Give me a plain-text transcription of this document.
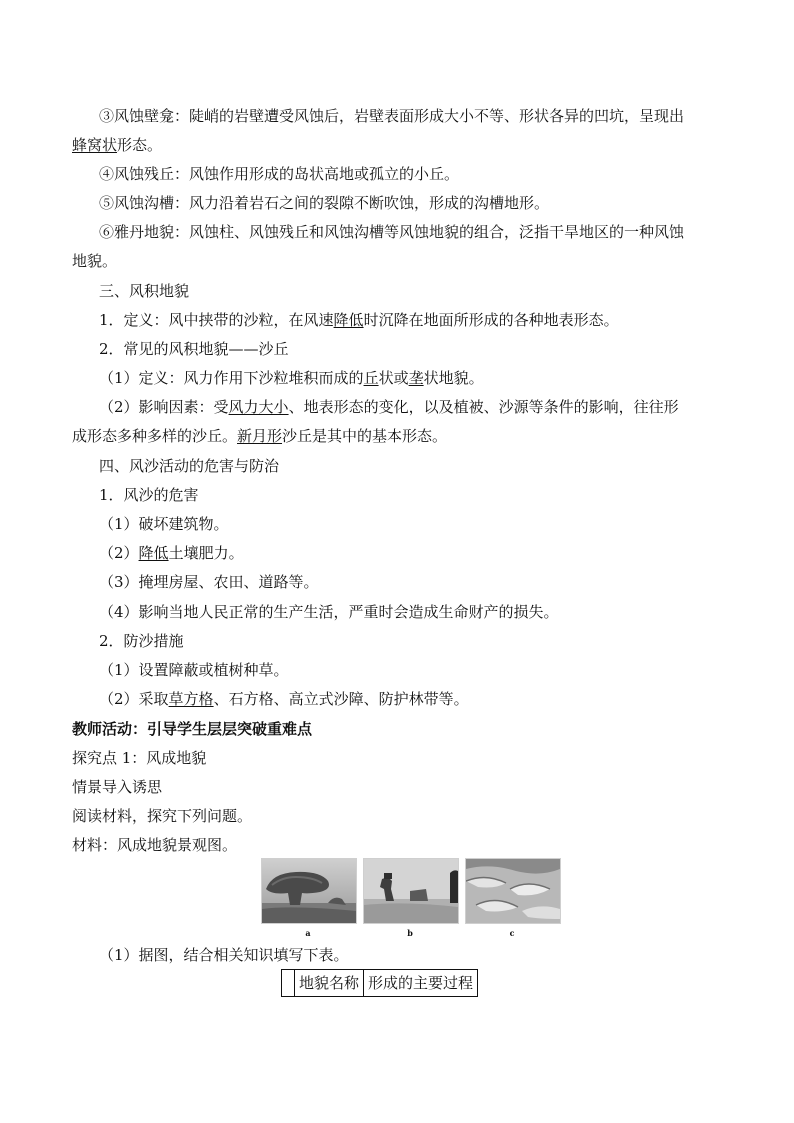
③风蚀壁龛：陡峭的岩壁遭受风蚀后，岩壁表面形成大小不等、形状各异的凹坑，呈现出
蜂窝状形态。
④风蚀残丘：风蚀作用形成的岛状高地或孤立的小丘。
⑤风蚀沟槽：风力沿着岩石之间的裂隙不断吹蚀，形成的沟槽地形。
⑥雅丹地貌：风蚀柱、风蚀残丘和风蚀沟槽等风蚀地貌的组合，泛指干旱地区的一种风蚀
地貌。
三、风积地貌
1．定义：风中挟带的沙粒，在风速降低时沉降在地面所形成的各种地表形态。
2．常见的风积地貌——沙丘
（1）定义：风力作用下沙粒堆积而成的丘状或垄状地貌。
（2）影响因素：受风力大小、地表形态的变化，以及植被、沙源等条件的影响，往往形
成形态多种多样的沙丘。新月形沙丘是其中的基本形态。
四、风沙活动的危害与防治
1．风沙的危害
（1）破坏建筑物。
（2）降低土壤肥力。
（3）掩埋房屋、农田、道路等。
（4）影响当地人民正常的生产生活，严重时会造成生命财产的损失。
2．防沙措施
（1）设置障蔽或植树种草。
（2）采取草方格、石方格、高立式沙障、防护林带等。
教师活动：引导学生层层突破重难点
探究点 1：风成地貌
情景导入诱思
阅读材料，探究下列问题。
材料：风成地貌景观图。
a	b	c
（1）据图，结合相关知识填写下表。
	地貌名称	形成的主要过程
